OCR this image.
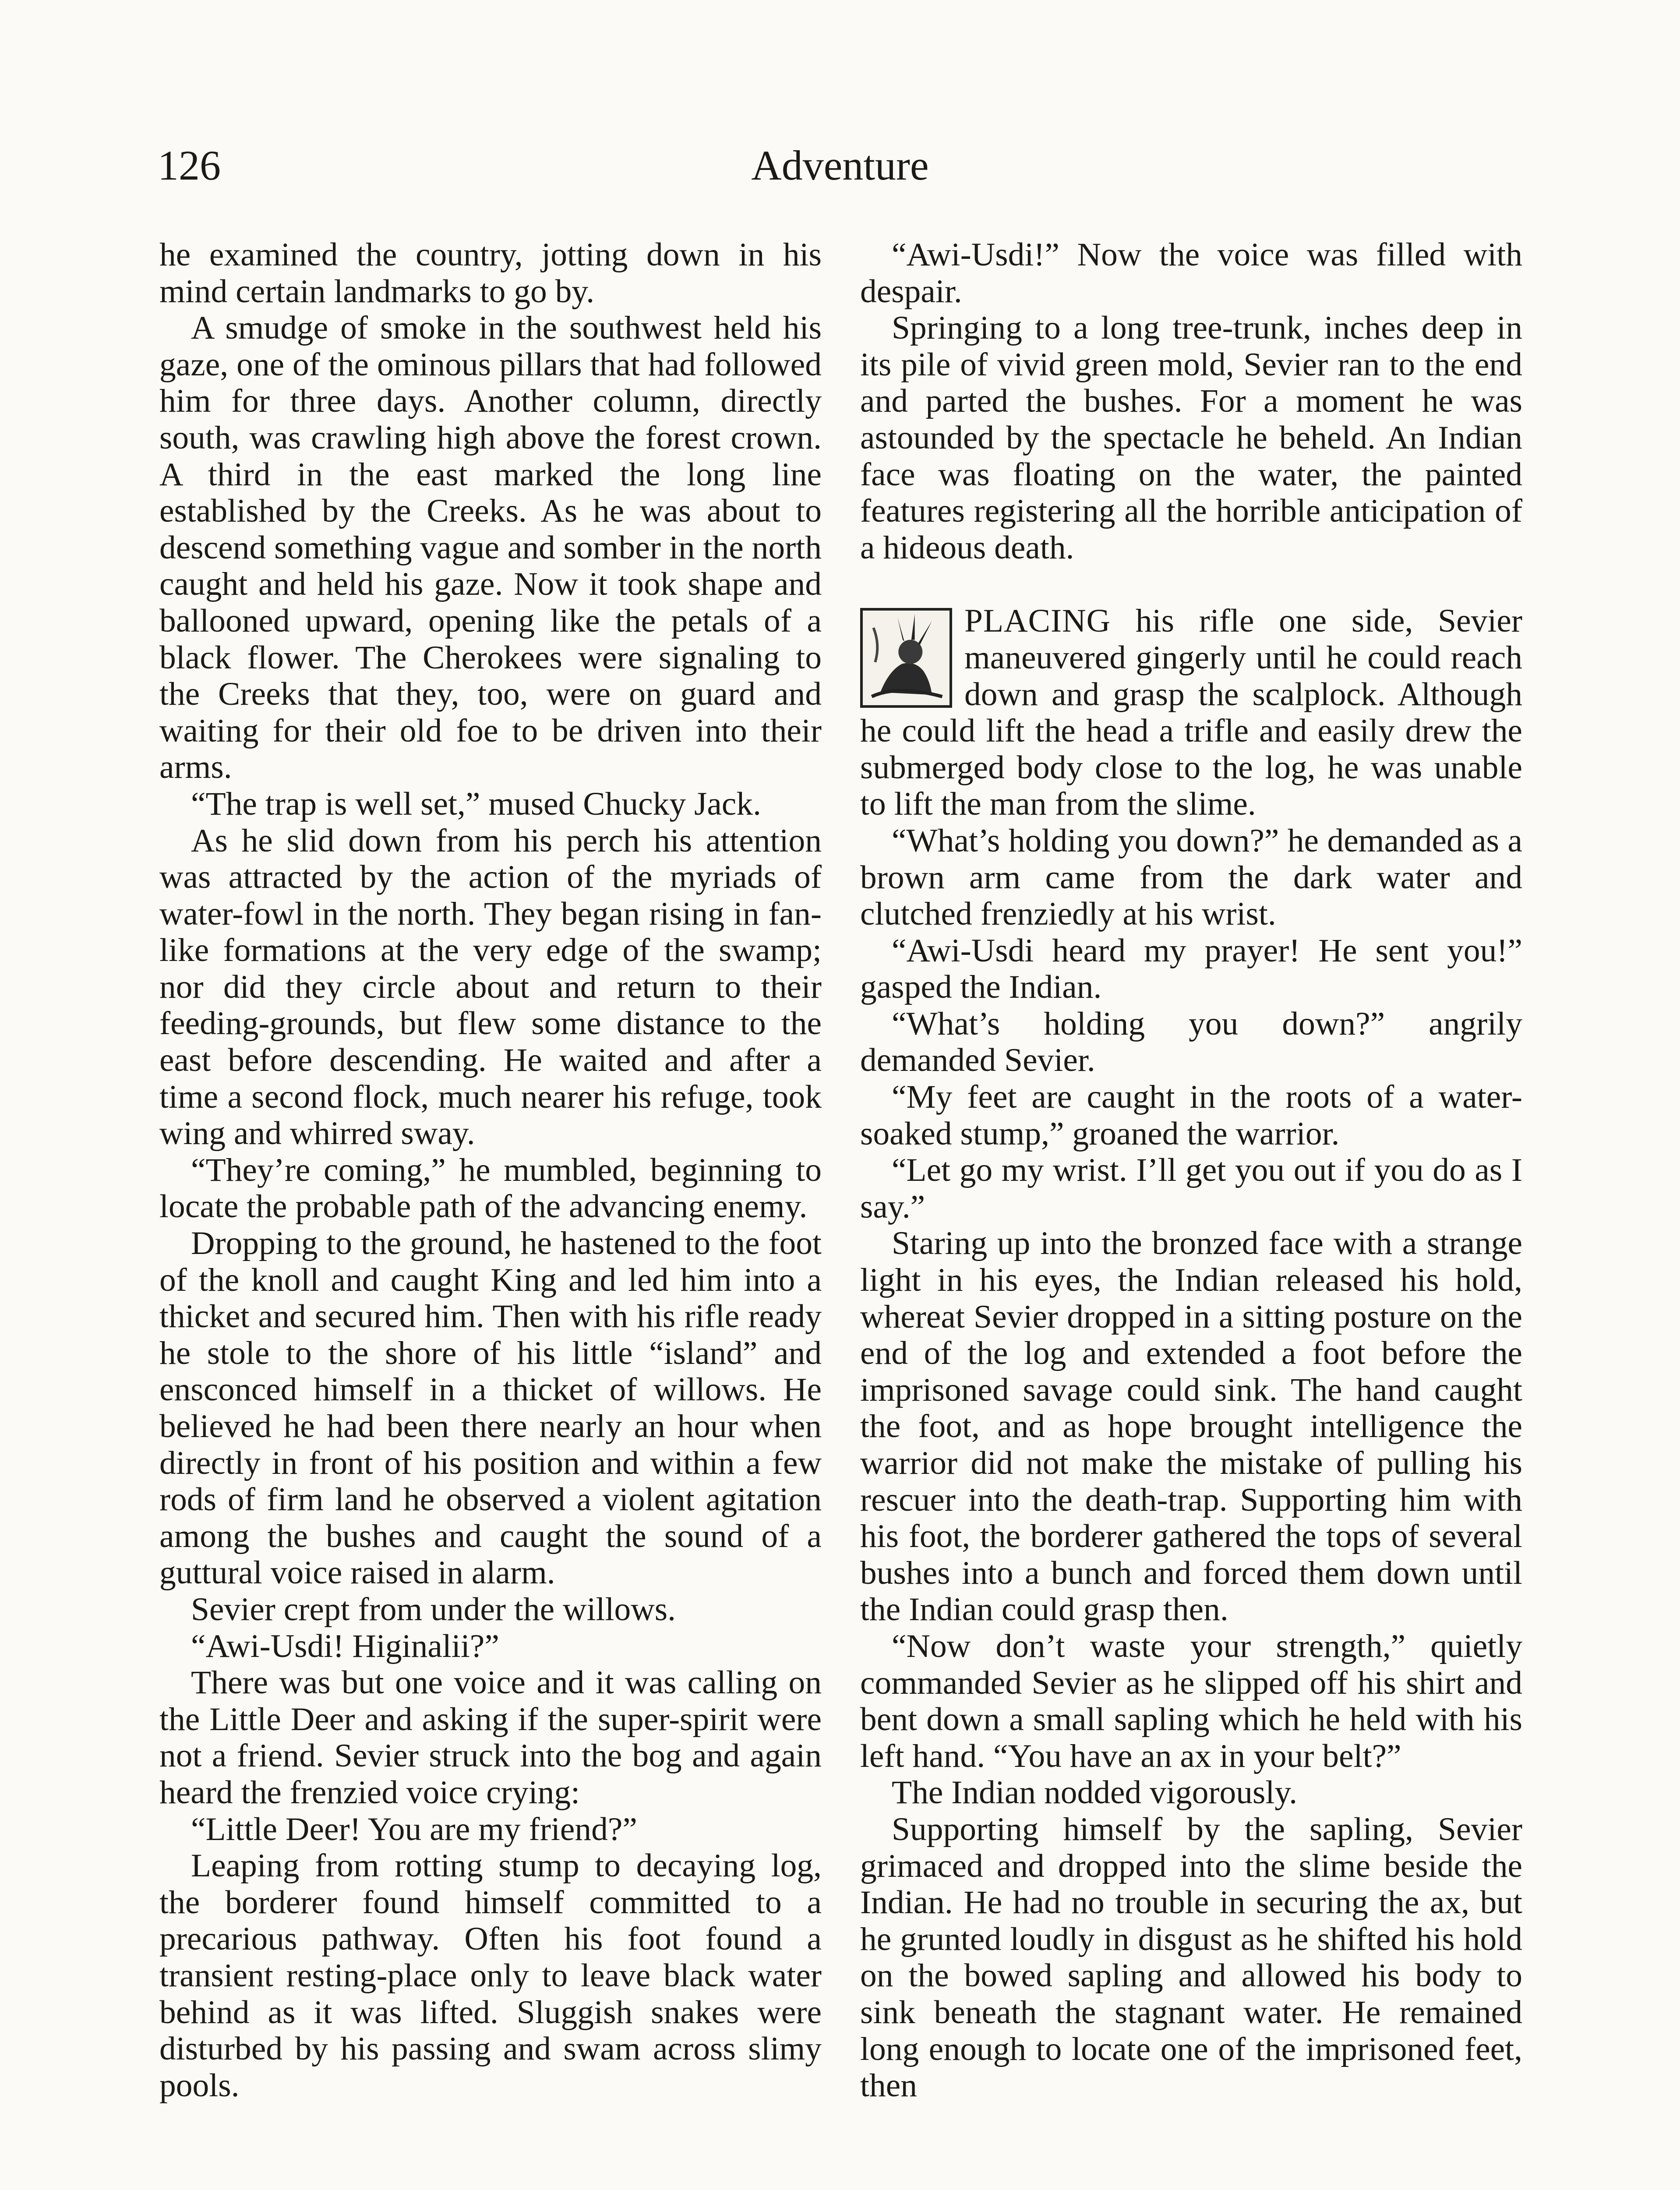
126	Adventure

he examined the country, jotting down in his mind certain landmarks to go by.

A smudge of smoke in the southwest held his gaze, one of the ominous pillars that had followed him for three days. Another column, directly south, was crawling high above the forest crown. A third in the east marked the long line established by the Creeks. As he was about to descend something vague and somber in the north caught and held his gaze. Now it took shape and ballooned upward, opening like the petals of a black flower. The Cherokees were signaling to the Creeks that they, too, were on guard and waiting for their old foe to be driven into their arms.

“The trap is well set,” mused Chucky Jack.

As he slid down from his perch his attention was attracted by the action of the myriads of water-fowl in the north. They began rising in fan-like formations at the very edge of the swamp; nor did they circle about and return to their feeding-grounds, but flew some distance to the east before descending. He waited and after a time a second flock, much nearer his refuge, took wing and whirred sway.

“They’re coming,” he mumbled, beginning to locate the probable path of the advancing enemy.

Dropping to the ground, he hastened to the foot of the knoll and caught King and led him into a thicket and secured him. Then with his rifle ready he stole to the shore of his little “island” and ensconced himself in a thicket of willows. He believed he had been there nearly an hour when directly in front of his position and within a few rods of firm land he observed a violent agitation among the bushes and caught the sound of a guttural voice raised in alarm.

Sevier crept from under the willows.

“Awi-Usdi! Higinalii?”

There was but one voice and it was calling on the Little Deer and asking if the super-spirit were not a friend. Sevier struck into the bog and again heard the frenzied voice crying:

“Little Deer! You are my friend?”

Leaping from rotting stump to decaying log, the borderer found himself committed to a precarious pathway. Often his foot found a transient resting-place only to leave black water behind as it was lifted. Sluggish snakes were disturbed by his passing and swam across slimy pools.

“Awi-Usdi!” Now the voice was filled with despair.

Springing to a long tree-trunk, inches deep in its pile of vivid green mold, Sevier ran to the end and parted the bushes. For a moment he was astounded by the spectacle he beheld. An Indian face was floating on the water, the painted features registering all the horrible anticipation of a hideous death.

PLACING his rifle one side, Sevier maneuvered gingerly until he could reach down and grasp the scalplock. Although he could lift the head a trifle and easily drew the submerged body close to the log, he was unable to lift the man from the slime.

“What’s holding you down?” he demanded as a brown arm came from the dark water and clutched frenziedly at his wrist.

“Awi-Usdi heard my prayer! He sent you!” gasped the Indian.

“What’s holding you down?” angrily demanded Sevier.

“My feet are caught in the roots of a water-soaked stump,” groaned the warrior.

“Let go my wrist. I’ll get you out if you do as I say.”

Staring up into the bronzed face with a strange light in his eyes, the Indian released his hold, whereat Sevier dropped in a sitting posture on the end of the log and extended a foot before the imprisoned savage could sink. The hand caught the foot, and as hope brought intelligence the warrior did not make the mistake of pulling his rescuer into the death-trap. Supporting him with his foot, the borderer gathered the tops of several bushes into a bunch and forced them down until the Indian could grasp then.

“Now don’t waste your strength,” quietly commanded Sevier as he slipped off his shirt and bent down a small sapling which he held with his left hand. “You have an ax in your belt?”

The Indian nodded vigorously.

Supporting himself by the sapling, Sevier grimaced and dropped into the slime beside the Indian. He had no trouble in securing the ax, but he grunted loudly in disgust as he shifted his hold on the bowed sapling and allowed his body to sink beneath the stagnant water. He remained long enough to locate one of the imprisoned feet, then
